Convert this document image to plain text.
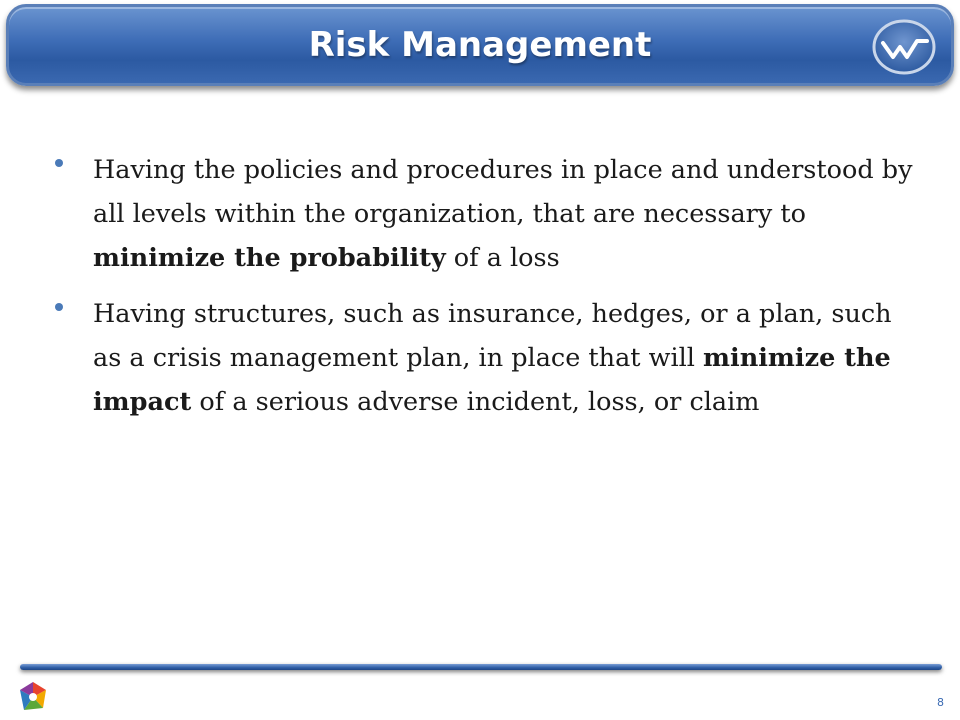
Risk Management
Having the policies and procedures in place and understood by all levels within the organization, that are necessary to minimize the probability of a loss
Having structures, such as insurance, hedges, or a plan, such as a crisis management plan, in place that will minimize the impact of a serious adverse incident, loss, or claim
8
